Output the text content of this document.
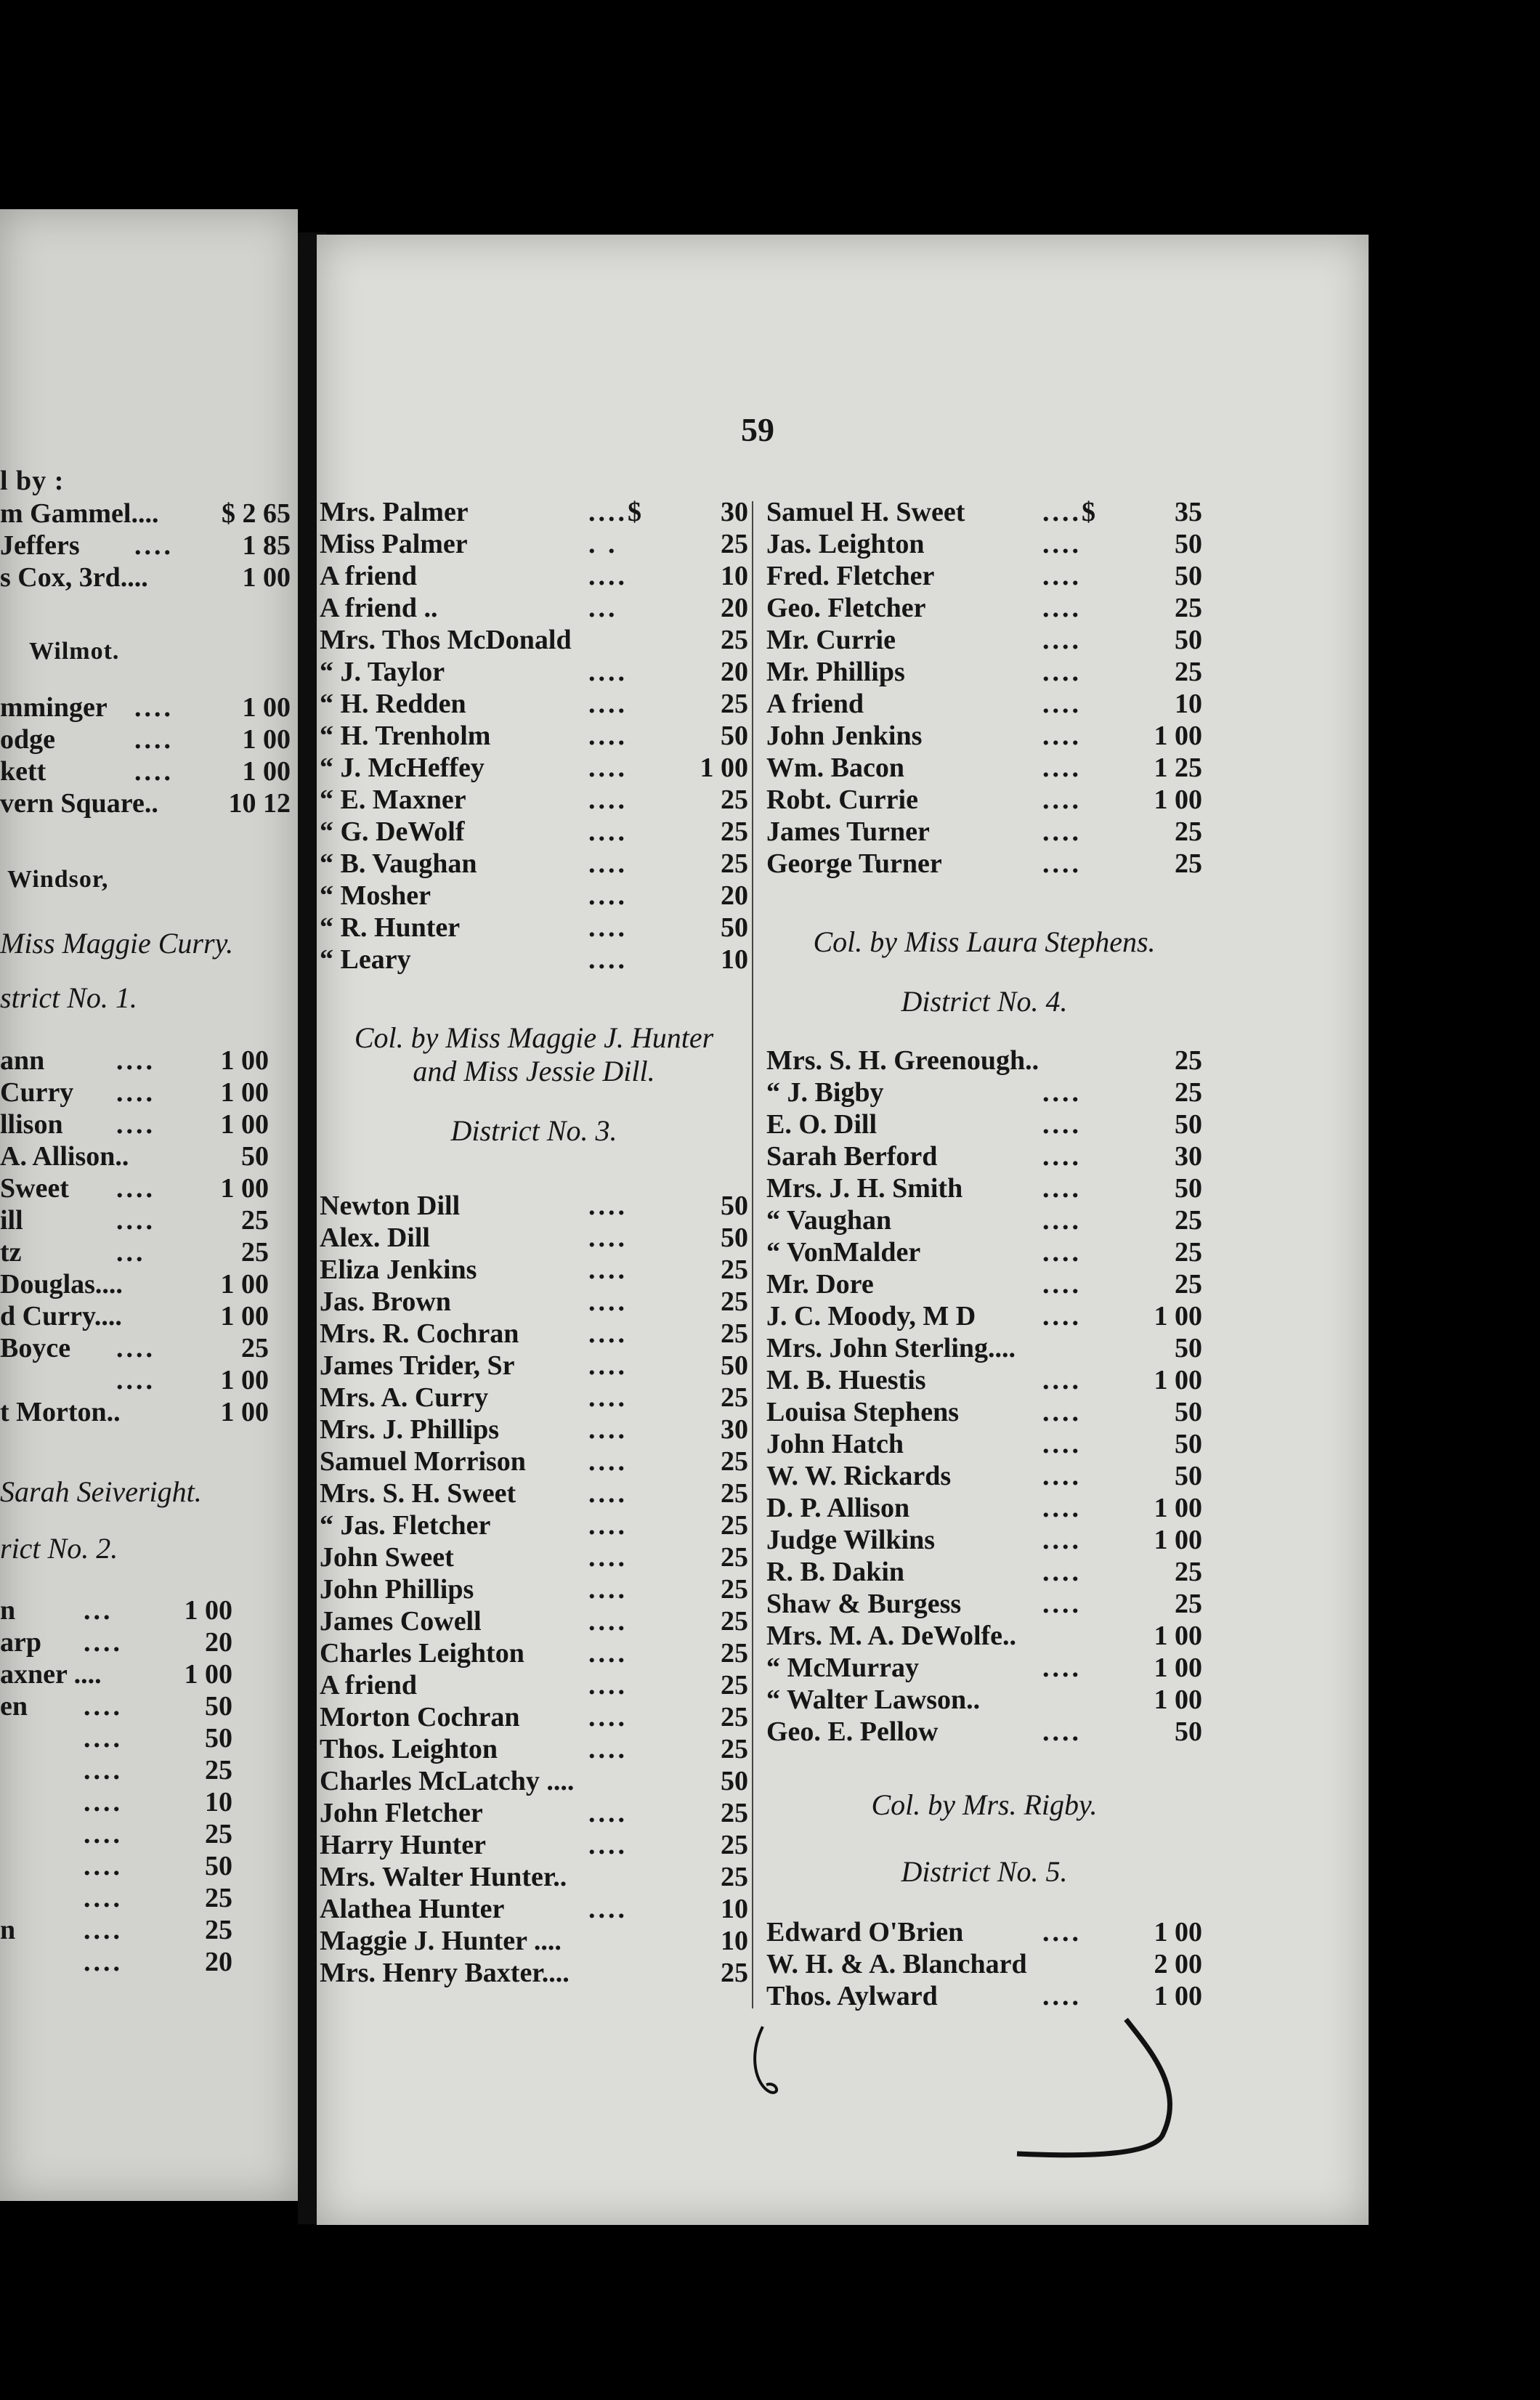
59
l by :
m Gammel.... $ 2 65
Jeffers ....	1 85
s Cox, 3rd....	1 00
Wilmot.
mminger ....	1 00
odge	....	1 00
kett	....	1 00
vern Square..	10 12
Windsor,
Miss Maggie Curry.
strict No. 1.
ann	....	1 00
Curry ....	1 00
llison ....	1 00
A. Allison..	50
Sweet ....	1 00
ill	....	25
tz	...	25
Douglas....	1 00
d Curry....	1 00
Boyce ....	25
....	1 00
t Morton..	1 00
Sarah Seiveright.
rict No. 2.
n ...	1 00
arp ....	20
axner ....	1 00
en ....	50
....	50
....	25
....	10
....	25
....	50
....	25
n ....	25
....	20
Mrs. Palmer	....$	30
Miss Palmer	. .	25
A friend	....	10
A friend ..	...	20
Mrs. Thos McDonald	25
“ J. Taylor	....	20
“ H. Redden	....	25
“ H. Trenholm	....	50
“ J. McHeffey	....	1 00
“ E. Maxner	....	25
“ G. DeWolf	....	25
“ B. Vaughan	....	25
“ Mosher	....	20
“ R. Hunter	....	50
“ Leary	....	10
Col. by Miss Maggie J. Hunter
and Miss Jessie Dill.
District No. 3.
Newton Dill	....	50
Alex. Dill	....	50
Eliza Jenkins	....	25
Jas. Brown	....	25
Mrs. R. Cochran	....	25
James Trider, Sr	....	50
Mrs. A. Curry	....	25
Mrs. J. Phillips	....	30
Samuel Morrison ....	25
Mrs. S. H. Sweet	....	25
“ Jas. Fletcher	....	25
John Sweet	....	25
John Phillips	....	25
James Cowell	....	25
Charles Leighton ....	25
A friend	....	25
Morton Cochran ....	25
Thos. Leighton	....	25
Charles McLatchy ....	50
John Fletcher	....	25
Harry Hunter	....	25
Mrs. Walter Hunter..	25
Alathea Hunter	....	10
Maggie J. Hunter ....	10
Mrs. Henry Baxter....	25
Samuel H. Sweet	....$	35
Jas. Leighton	....	50
Fred. Fletcher	....	50
Geo. Fletcher	....	25
Mr. Currie	....	50
Mr. Phillips	....	25
A friend	....	10
John Jenkins	....	1 00
Wm. Bacon	....	1 25
Robt. Currie	....	1 00
James Turner	....	25
George Turner	....	25
Col. by Miss Laura Stephens.
District No. 4.
Mrs. S. H. Greenough..	25
“ J. Bigby	....	25
E. O. Dill	....	50
Sarah Berford	....	30
Mrs. J. H. Smith	....	50
“ Vaughan	....	25
“ VonMalder	....	25
Mr. Dore	....	25
J. C. Moody, M D ....	1 00
Mrs. John Sterling....	50
M. B. Huestis	....	1 00
Louisa Stephens	....	50
John Hatch	....	50
W. W. Rickards	....	50
D. P. Allison	....	1 00
Judge Wilkins	....	1 00
R. B. Dakin	....	25
Shaw & Burgess	....	25
Mrs. M. A. DeWolfe..	1 00
“ McMurray	....	1 00
“ Walter Lawson..	1 00
Geo. E. Pellow	....	50
Col. by Mrs. Rigby.
District No. 5.
Edward O'Brien	....	1 00
W. H. & A. Blanchard	2 00
Thos. Aylward	....	1 00
